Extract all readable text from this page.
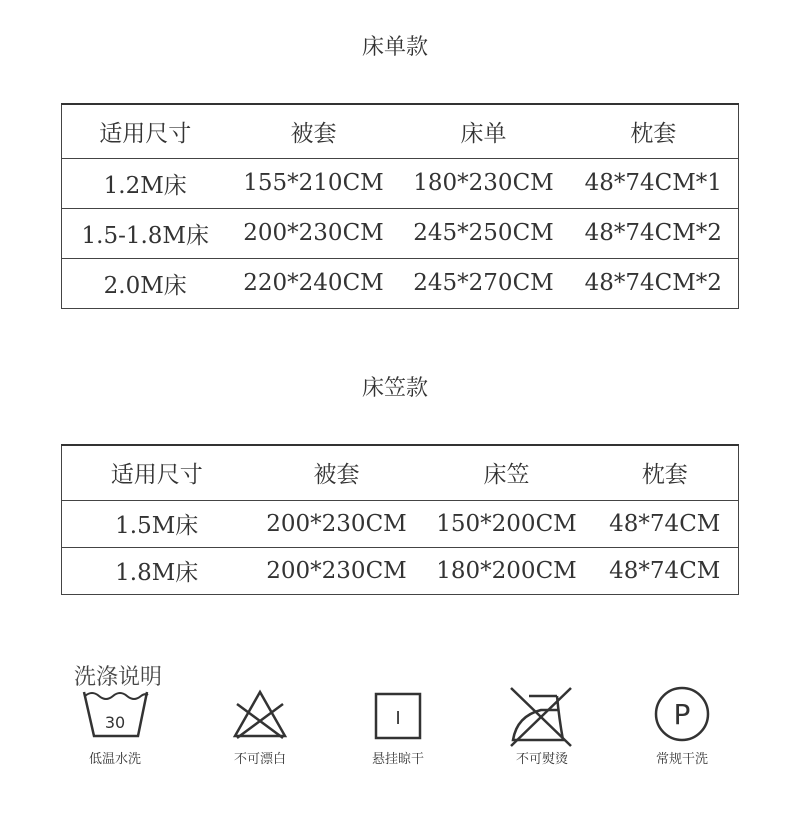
床单款
适用尺寸	被套	床单	枕套
1.2M床	155*210CM	180*230CM	48*74CM*1
1.5-1.8M床	200*230CM	245*250CM	48*74CM*2
2.0M床	220*240CM	245*270CM	48*74CM*2
床笠款
适用尺寸	被套	床笠	枕套
1.5M床	200*230CM	150*200CM	48*74CM
1.8M床	200*230CM	180*200CM	48*74CM
洗涤说明
30
低温水洗	不可漂白
I
悬挂晾干	不可熨烫
P
常规干洗
